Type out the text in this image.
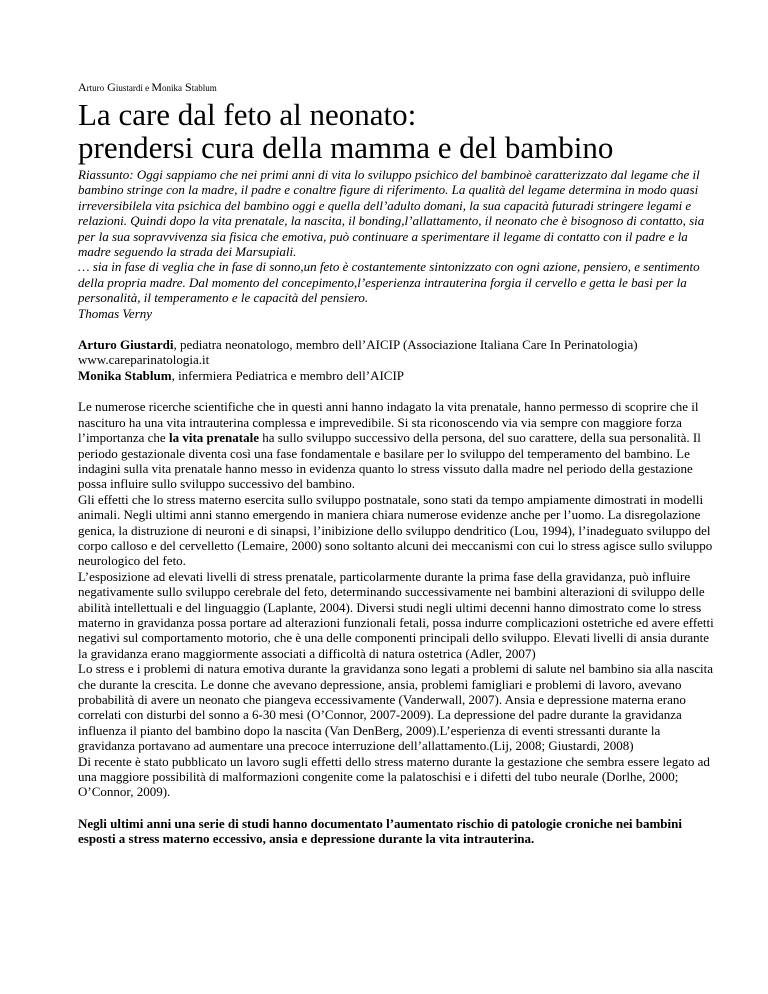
Arturo Giustardi e Monika Stablum
La care dal feto al neonato:
prendersi cura della mamma e del bambino

Riassunto: Oggi sappiamo che nei primi anni di vita lo sviluppo psichico del bambinoè caratterizzato dal legame che il bambino stringe con la madre, il padre e conaltre figure di riferimento. La qualità del legame determina in modo quasi irreversibilela vita psichica del bambino oggi e quella dell’adulto domani, la sua capacità futuradi stringere legami e relazioni. Quindi dopo la vita prenatale, la nascita, il bonding,l’allattamento, il neonato che è bisognoso di contatto, sia per la sua sopravvivenza sia fisica che emotiva, può continuare a sperimentare il legame di contatto con il padre e la madre seguendo la strada dei Marsupiali.

… sia in fase di veglia che in fase di sonno,un feto è costantemente sintonizzato con ogni azione, pensiero, e sentimento della propria madre. Dal momento del concepimento,l’esperienza intrauterina forgia il cervello e getta le basi per la personalità, il temperamento e le capacità del pensiero.

Thomas Verny

Arturo Giustardi, pediatra neonatologo, membro dell’AICIP (Associazione Italiana Care In Perinatologia)

www.careparinatologia.it

Monika Stablum, infermiera Pediatrica e membro dell’AICIP

Le numerose ricerche scientifiche che in questi anni hanno indagato la vita prenatale, hanno permesso di scoprire che il nascituro ha una vita intrauterina complessa e imprevedibile. Si sta riconoscendo via via sempre con maggiore forza l’importanza che la vita prenatale ha sullo sviluppo successivo della persona, del suo carattere, della sua personalità. Il periodo gestazionale diventa così una fase fondamentale e basilare per lo sviluppo del temperamento del bambino. Le indagini sulla vita prenatale hanno messo in evidenza quanto lo stress vissuto dalla madre nel periodo della gestazione possa influire sullo sviluppo successivo del bambino.

Gli effetti che lo stress materno esercita sullo sviluppo postnatale, sono stati da tempo ampiamente dimostrati in modelli animali. Negli ultimi anni stanno emergendo in maniera chiara numerose evidenze anche per l’uomo. La disregolazione genica, la distruzione di neuroni e di sinapsi, l’inibizione dello sviluppo dendritico (Lou, 1994), l’inadeguato sviluppo del corpo calloso e del cervelletto (Lemaire, 2000) sono soltanto alcuni dei meccanismi con cui lo stress agisce sullo sviluppo neurologico del feto.

L’esposizione ad elevati livelli di stress prenatale, particolarmente durante la prima fase della gravidanza, può influire negativamente sullo sviluppo cerebrale del feto, determinando successivamente nei bambini alterazioni di sviluppo delle abilità intellettuali e del linguaggio (Laplante, 2004). Diversi studi negli ultimi decenni hanno dimostrato come lo stress materno in gravidanza possa portare ad alterazioni funzionali fetali, possa indurre complicazioni ostetriche ed avere effetti negativi sul comportamento motorio, che è una delle componenti principali dello sviluppo. Elevati livelli di ansia durante la gravidanza erano maggiormente associati a difficoltà di natura ostetrica (Adler, 2007)

Lo stress e i problemi di natura emotiva durante la gravidanza sono legati a problemi di salute nel bambino sia alla nascita che durante la crescita. Le donne che avevano depressione, ansia, problemi famigliari e problemi di lavoro, avevano probabilità di avere un neonato che piangeva eccessivamente (Vanderwall, 2007). Ansia e depressione materna erano correlati con disturbi del sonno a 6-30 mesi (O’Connor, 2007-2009). La depressione del padre durante la gravidanza influenza il pianto del bambino dopo la nascita (Van DenBerg, 2009).L’esperienza di eventi stressanti durante la gravidanza portavano ad aumentare una precoce interruzione dell’allattamento.(Lij, 2008; Giustardi, 2008)

Di recente è stato pubblicato un lavoro sugli effetti dello stress materno durante la gestazione che sembra essere legato ad una maggiore possibilità di malformazioni congenite come la palatoschisi e i difetti del tubo neurale (Dorlhe, 2000; O’Connor, 2009).

Negli ultimi anni una serie di studi hanno documentato l’aumentato rischio di patologie croniche nei bambini esposti a stress materno eccessivo, ansia e depressione durante la vita intrauterina.
